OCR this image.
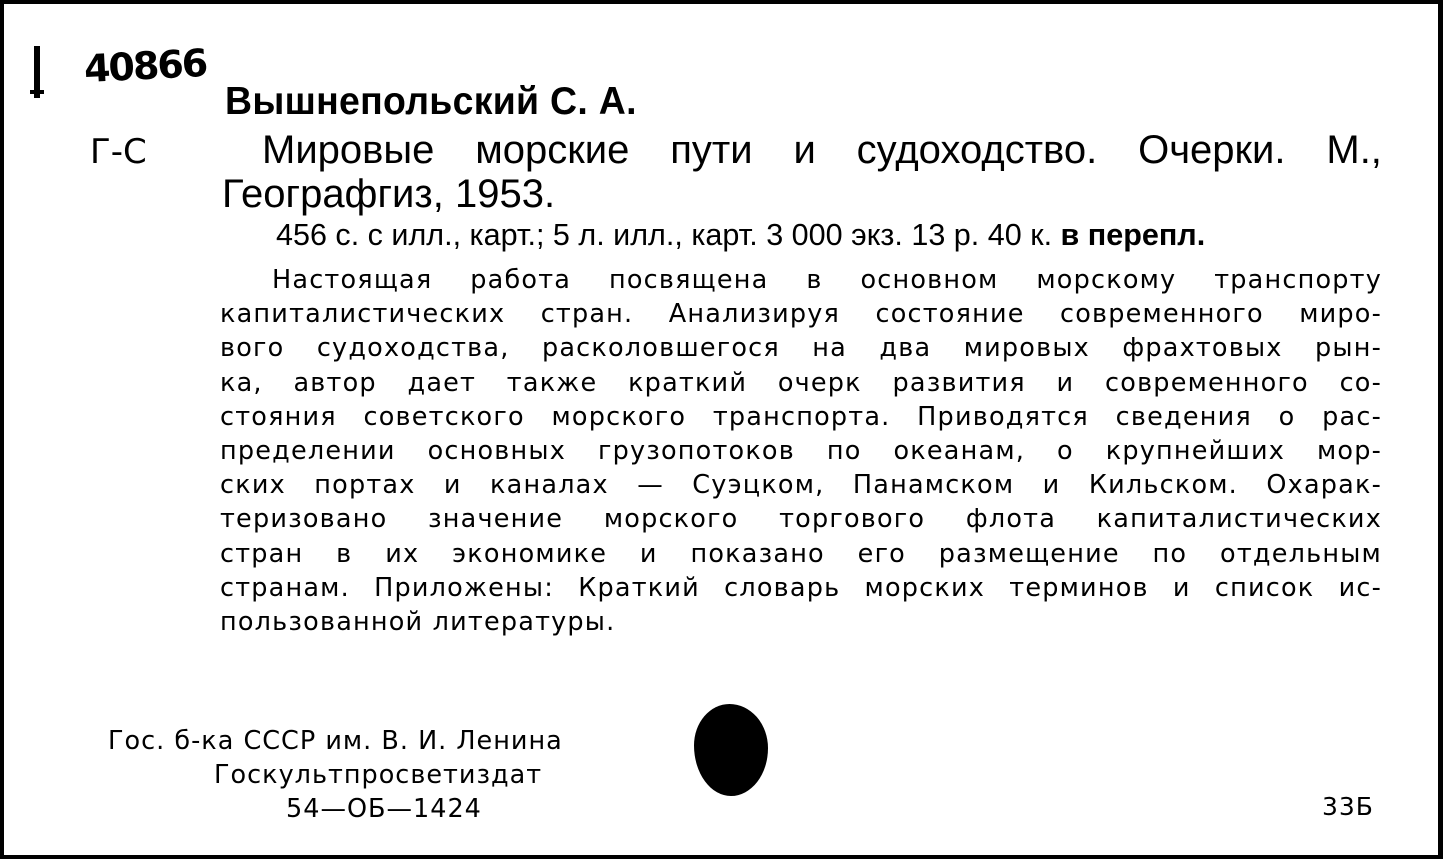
40866
Г-С
Вышнепольский С. А.
Мировые морские пути и судоходство. Очерки. М.,
Географгиз, 1953.
456 с. с илл., карт.; 5 л. илл., карт. 3 000 экз. 13 р. 40 к. в перепл.
Настоящая работа посвящена в основном морскому транспорту
капиталистических стран. Анализируя состояние современного миро-
вого судоходства, расколовшегося на два мировых фрахтовых рын-
ка, автор дает также краткий очерк развития и современного со-
стояния советского морского транспорта. Приводятся сведения о рас-
пределении основных грузопотоков по океанам, о крупнейших мор-
ских портах и каналах — Суэцком, Панамском и Кильском. Охарак-
теризовано значение морского торгового флота капиталистических
стран в их экономике и показано его размещение по отдельным
странам. Приложены: Краткий словарь морских терминов и список ис-
пользованной литературы.
Гос. б-ка СССР им. В. И. Ленина
Госкультпросветиздат
54—ОБ—1424	33Б
